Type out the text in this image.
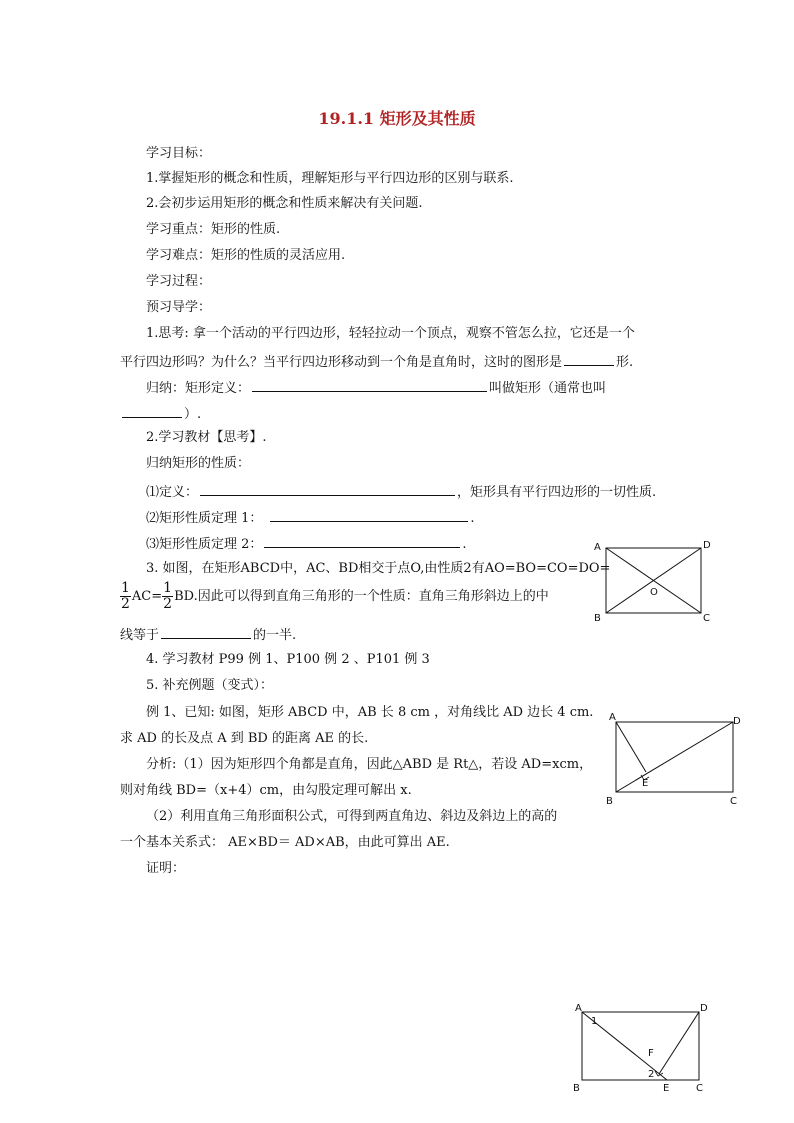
19.1.1 矩形及其性质
学习目标：
1.掌握矩形的概念和性质，理解矩形与平行四边形的区别与联系.
2.会初步运用矩形的概念和性质来解决有关问题.
学习重点：矩形的性质.
学习难点：矩形的性质的灵活应用.
学习过程：
预习导学：
1.思考: 拿一个活动的平行四边形，轻轻拉动一个顶点，观察不管怎么拉，它还是一个
平行四边形吗？为什么？当平行四边形移动到一个角是直角时，这时的图形是	形.
归纳：矩形定义：	叫做矩形（通常也叫
）.
2.学习教材【思考】.
归纳矩形的性质：
⑴定义：	，矩形具有平行四边形的一切性质.
⑵矩形性质定理 1：	.
⑶矩形性质定理 2：	.
3. 如图，在矩形ABCD中，AC、BD相交于点O,由性质2有AO=BO=CO=DO=
$\frac{1}{2} AC= \frac{1}{2}$ BD.因此可以得到直角三角形的一个性质：直角三角形斜边上的中
线等于	的一半.
4. 学习教材 P99 例 1、P100 例 2 、P101 例 3
5. 补充例题（变式）：
例 1、已知: 如图，矩形 ABCD 中，AB 长 8 cm ，对角线比 AD 边长 4 cm.
求 AD 的长及点 A 到 BD 的距离 AE 的长.
分析:（1）因为矩形四个角都是直角，因此△ABD 是 Rt△，若设 AD=xcm，
则对角线 BD=（x+4）cm，由勾股定理可解出 x.
（2）利用直角三角形面积公式，可得到两直角边、斜边及斜边上的高的
一个基本关系式： AE×BD＝ AD×AB，由此可算出 AE.
证明：
A	D
B	C
O
A	D
B	C
E
A	D
B	C
E
F
1
2
